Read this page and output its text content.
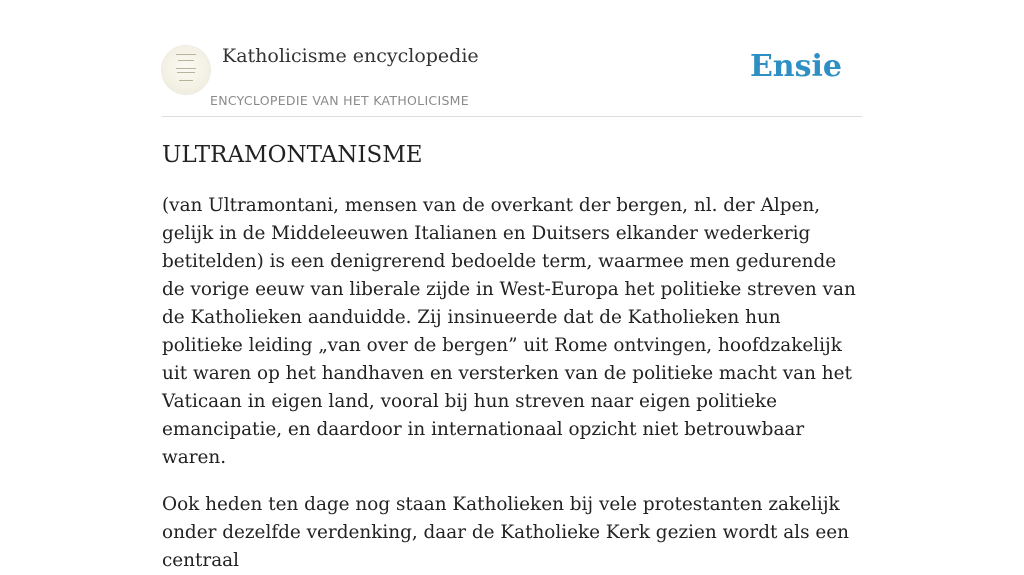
Katholicisme encyclopedie
ENCYCLOPEDIE VAN HET KATHOLICISME
Ensie
ULTRAMONTANISME

(van Ultramontani, mensen van de overkant der bergen, nl. der Alpen, gelijk in de Middeleeuwen Italianen en Duitsers elkander wederkerig betitelden) is een denigrerend bedoelde term, waarmee men gedurende de vorige eeuw van liberale zijde in West-Europa het politieke streven van de Katholieken aanduidde. Zij insinueerde dat de Katholieken hun politieke leiding „van over de bergen” uit Rome ontvingen, hoofdzakelijk uit waren op het handhaven en versterken van de politieke macht van het Vaticaan in eigen land, vooral bij hun streven naar eigen politieke emancipatie, en daardoor in internationaal opzicht niet betrouwbaar waren.

Ook heden ten dage nog staan Katholieken bij vele protestanten zakelijk onder dezelfde verdenking, daar de Katholieke Kerk gezien wordt als een centraal
